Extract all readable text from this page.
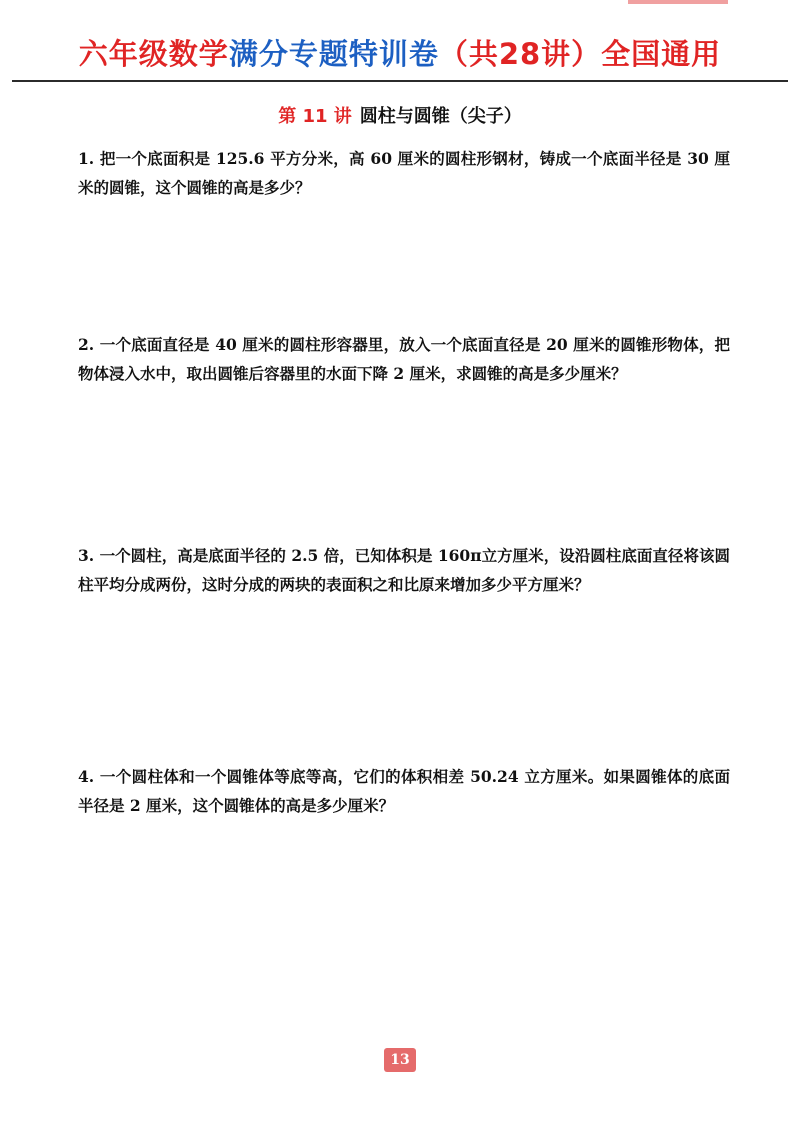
六年级数学满分专题特训卷（共28讲）全国通用
第 11 讲 圆柱与圆锥（尖子）
1. 把一个底面积是 125.6 平方分米，高 60 厘米的圆柱形钢材，铸成一个底面半径是 30 厘米的圆锥，这个圆锥的高是多少？
2. 一个底面直径是 40 厘米的圆柱形容器里，放入一个底面直径是 20 厘米的圆锥形物体，把物体浸入水中，取出圆锥后容器里的水面下降 2 厘米，求圆锥的高是多少厘米？
3. 一个圆柱，高是底面半径的 2.5 倍，已知体积是 160π立方厘米，设沿圆柱底面直径将该圆柱平均分成两份，这时分成的两块的表面积之和比原来增加多少平方厘米？
4. 一个圆柱体和一个圆锥体等底等高，它们的体积相差 50.24 立方厘米。如果圆锥体的底面半径是 2 厘米，这个圆锥体的高是多少厘米？
13
